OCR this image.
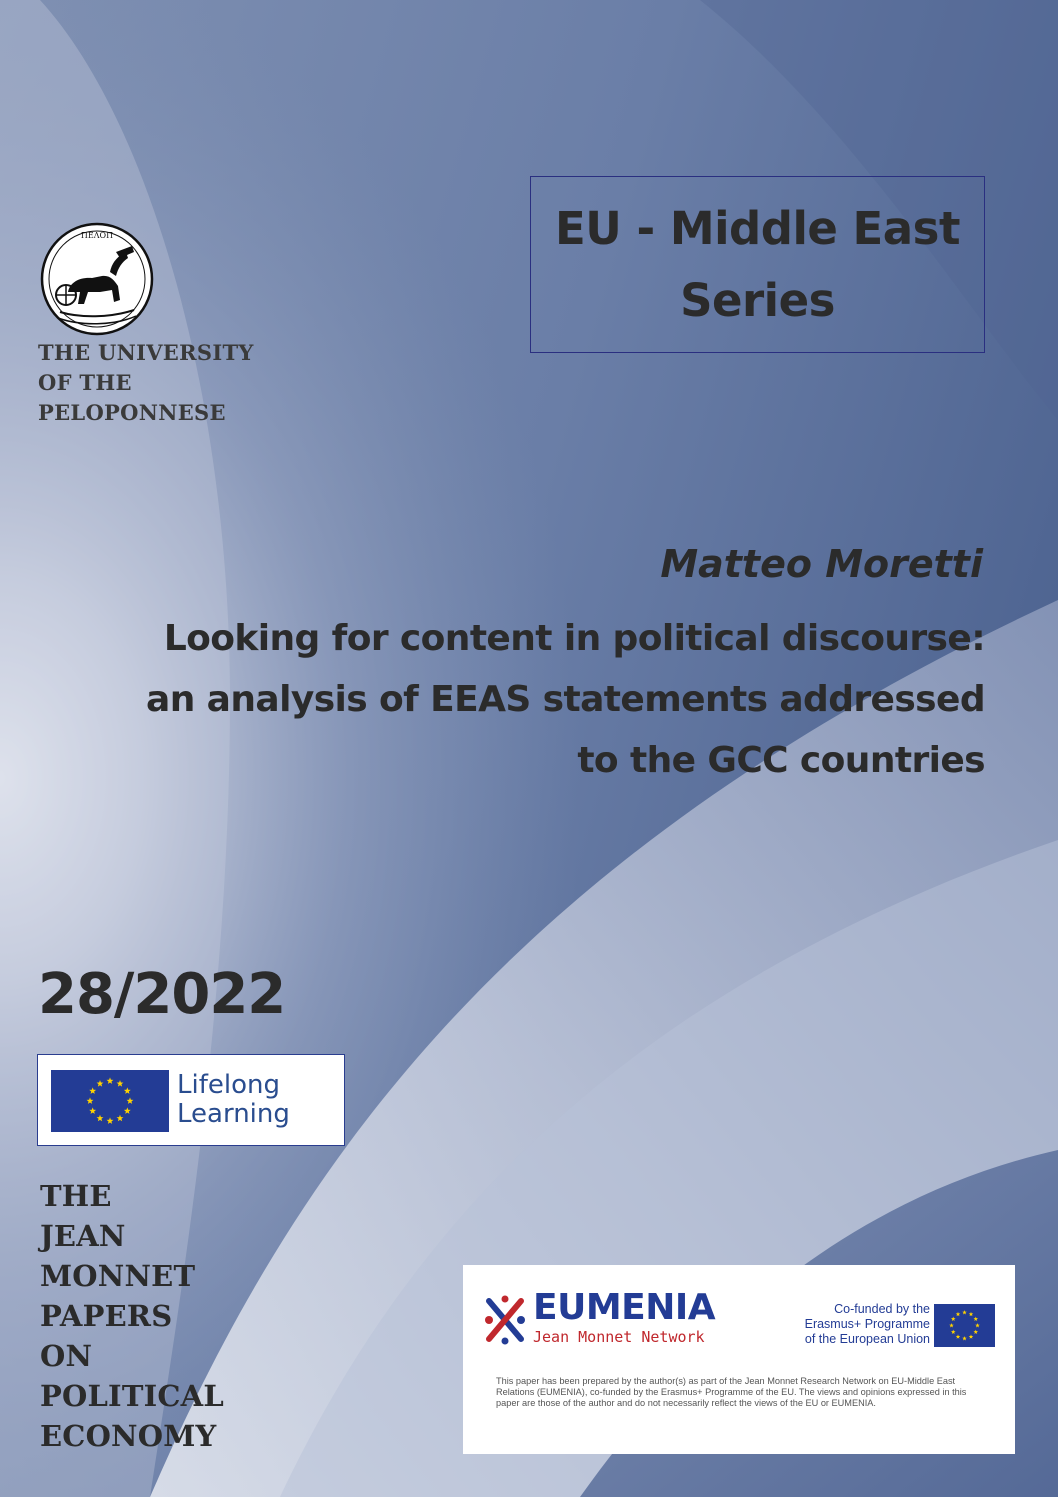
ΠΕΛΟΠ
THE UNIVERSITY
OF THE
PELOPONNESE
EU - Middle East
Series
Matteo Moretti
Looking for content in political discourse:
an analysis of EEAS statements addressed
to the GCC countries
28/2022
Lifelong
Learning
THE
JEAN
MONNET
PAPERS
ON
POLITICAL
ECONOMY
EUMENIA
Jean Monnet Network
Co-funded by the
Erasmus+ Programme
of the European Union
This paper has been prepared by the author(s) as part of the Jean Monnet Research Network on EU-Middle East Relations (EUMENIA), co-funded by the Erasmus+ Programme of the EU. The views and opinions expressed in this paper are those of the author and do not necessarily reflect the views of the EU or EUMENIA.
